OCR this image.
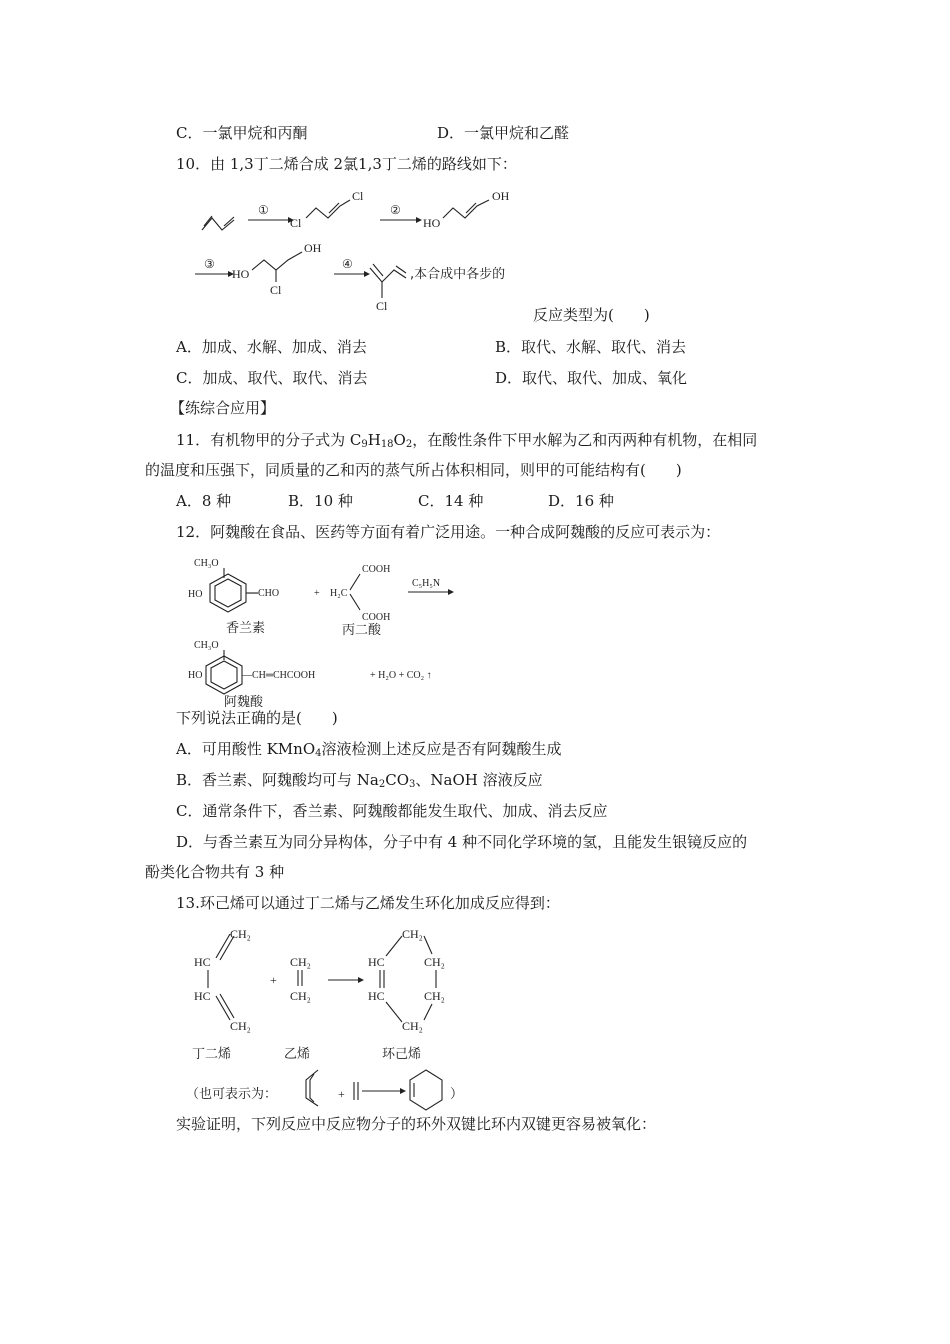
C．一氯甲烷和丙酮	D．一氯甲烷和乙醛
10．由 1,3丁二烯合成 2氯1,3丁二烯的路线如下：
①
Cl
Cl
②
HO
OH
③
HO
Cl
OH
④
Cl
,本合成中各步的
反应类型为(　　)
A．加成、水解、加成、消去	B．取代、水解、取代、消去
C．加成、取代、取代、消去	D．取代、取代、加成、氧化
【练综合应用】
11．有机物甲的分子式为 $C_9H_{18}O_2$，在酸性条件下甲水解为乙和丙两种有机物，在相同
的温度和压强下，同质量的乙和丙的蒸气所占体积相同，则甲的可能结构有(　　)
A．8 种	B．10 种	C．14 种	D．16 种
12．阿魏酸在食品、医药等方面有着广泛用途。一种合成阿魏酸的反应可表示为：
CH₃O
HO	—CHO	+
香兰素
COOH
H₂C
COOH
丙二酸
C₅H₅N
CH₃O
HO	—CH═CHCOOH	+ H₂O + CO₂ ↑
阿魏酸
下列说法正确的是(　　)
A．可用酸性 KMnO$_4$溶液检测上述反应是否有阿魏酸生成
B．香兰素、阿魏酸均可与 $Na_2CO_3$、NaOH 溶液反应
C．通常条件下，香兰素、阿魏酸都能发生取代、加成、消去反应
D．与香兰素互为同分异构体，分子中有 4 种不同化学环境的氢，且能发生银镜反应的
酚类化合物共有 3 种
13.环己烯可以通过丁二烯与乙烯发生环化加成反应得到：
CH₂
HC
HC
CH₂
+
CH₂
CH₂
CH₂
HC	CH₂
HC	CH₂
CH₂
丁二烯	乙烯	环己烯
（也可表示为：	+	）
实验证明，下列反应中反应物分子的环外双键比环内双键更容易被氧化：
